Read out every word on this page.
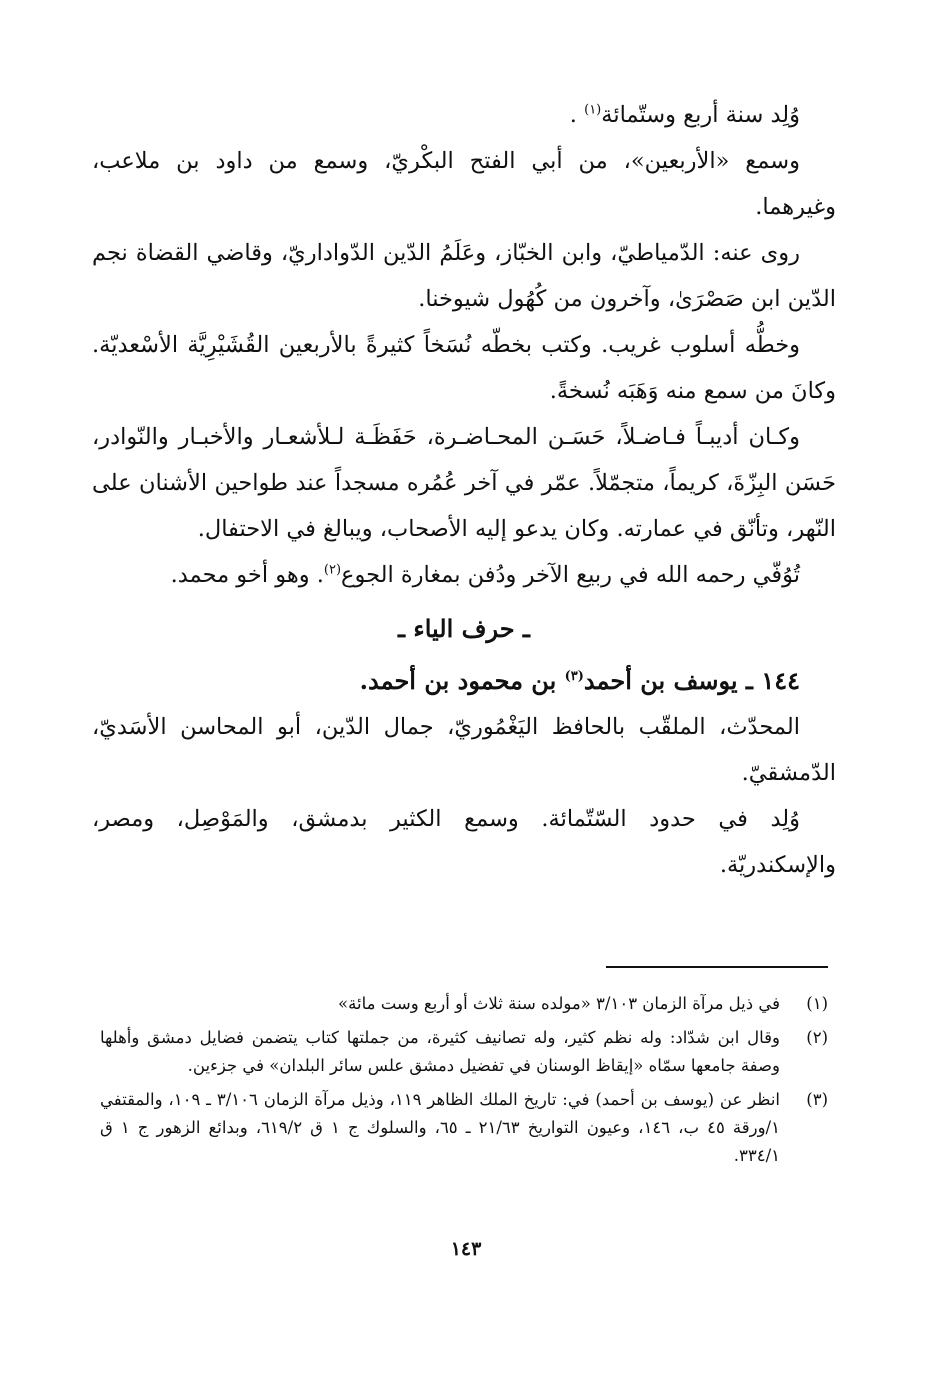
وُلِد سنة أربع وستّمائة$^{(١)}$ .

وسمع «الأربعين»، من أبي الفتح البكْريّ، وسمع من داود بن ملاعب، وغيرهما.

روى عنه: الدّمياطيّ، وابن الخبّاز، وعَلَمُ الدّين الدّواداريّ، وقاضي القضاة نجم الدّين ابن صَصْرَىٰ، وآخرون من كُهُول شيوخنا.

وخطُّه أسلوب غريب. وكتب بخطّه نُسَخاً كثيرةً بالأربعين القُشَيْرِيَّة الأسْعديّة. وكانَ من سمع منه وَهَبَه نُسخةً.

وكـان أديبـاً فـاضـلاً، حَسَـن المحـاضـرة، حَفَظَـة لـلأشعـار والأخبـار والنّوادر، حَسَن البِزّةَ، كريماً، متجمّلاً. عمّر في آخر عُمُره مسجداً عند طواحين الأشنان على النّهر، وتأنّق في عمارته. وكان يدعو إليه الأصحاب، ويبالغ في الاحتفال.

تُوُفّي رحمه الله في ربيع الآخر ودُفن بمغارة الجوع$^{(٢)}$. وهو أخو محمد.

ـ حرف الياء ـ
١٤٤ ـ يوسف بن أحمد$^{(٣)}$ بن محمود بن أحمد.

المحدّث، الملقّب بالحافظ اليَغْمُوريّ، جمال الدّين، أبو المحاسن الأسَديّ، الدّمشقيّ.

وُلِد في حدود السّتّمائة. وسمع الكثير بدمشق، والمَوْصِل، ومصر، والإسكندريّة.

(١)
في ذيل مرآة الزمان ٣/١٠٣ «مولده سنة ثلاث أو أربع وست مائة»
(٢)
وقال ابن شدّاد: وله نظم كثير، وله تصانيف كثيرة، من جملتها كتاب يتضمن فضايل دمشق وأهلها وصفة جامعها سمّاه «إيقاظ الوسنان في تفضيل دمشق علس سائر البلدان» في جزءين.
(٣)
انظر عن (يوسف بن أحمد) في: تاريخ الملك الظاهر ١١٩، وذيل مرآة الزمان ٣/١٠٦ ـ ١٠٩، والمقتفي ١/ورقة ٤٥ ب، ١٤٦، وعيون التواريخ ٢١/٦٣ ـ ٦٥، والسلوك ج ١ ق ٦١٩/٢، وبدائع الزهور ج ١ ق ٣٣٤/١.
١٤٣
